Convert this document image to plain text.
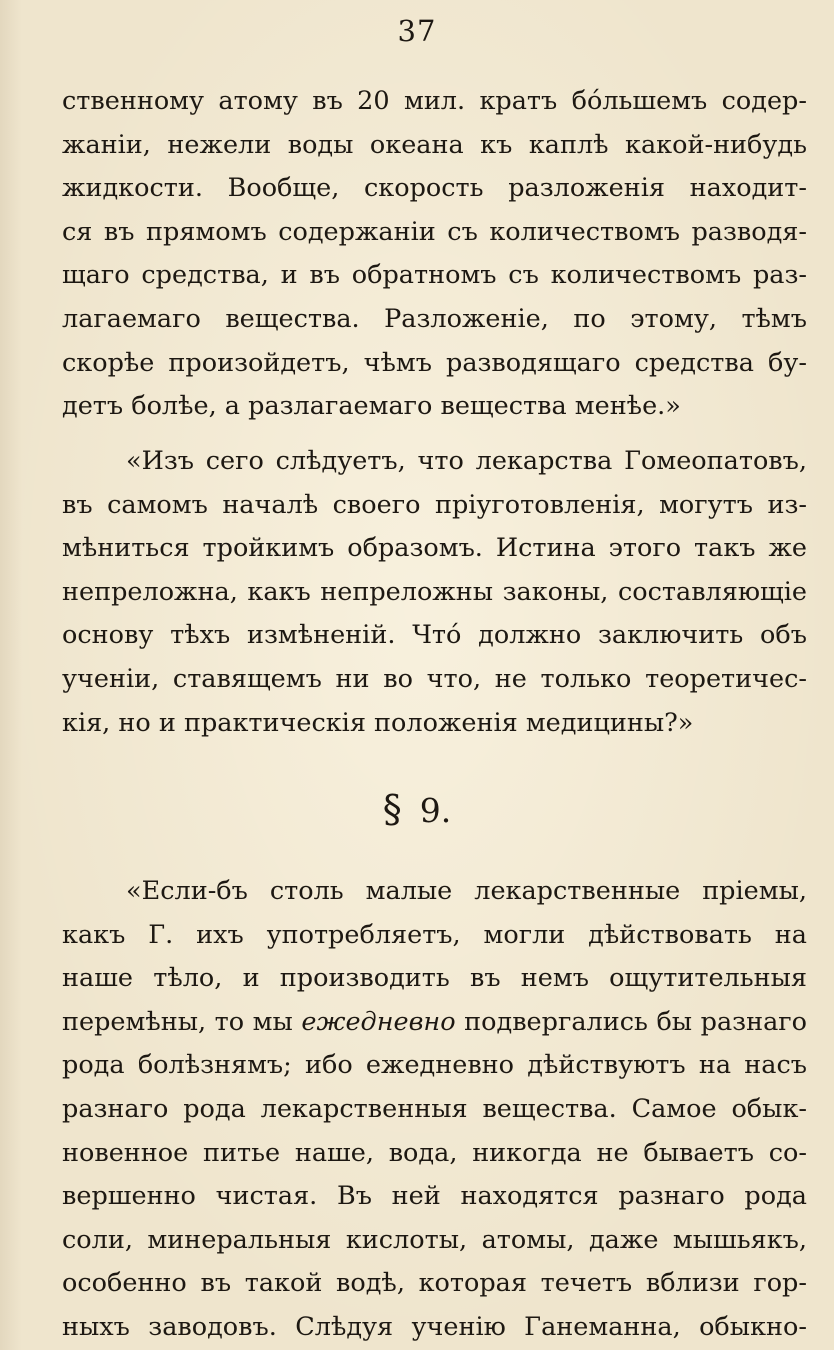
37
ственному атому въ 20 мил. кратъ бóльшемъ содер-
жаніи, нежели воды океана къ каплѣ какой-нибудь
жидкости. Вообще, скорость разложенія находит-
ся въ прямомъ содержаніи съ количествомъ разводя-
щаго средства, и въ обратномъ съ количествомъ раз-
лагаемаго вещества. Разложеніе, по этому, тѣмъ
скорѣе произойдетъ, чѣмъ разводящаго средства бу-
детъ болѣе, а разлагаемаго вещества менѣе.»
«Изъ сего слѣдуетъ, что лекарства Гомеопатовъ,
въ самомъ началѣ своего пріуготовленія, могутъ из-
мѣниться тройкимъ образомъ. Истина этого такъ же
непреложна, какъ непреложны законы, составляющіе
основу тѣхъ измѣненій. Чтó должно заключить объ
ученіи, ставящемъ ни во что, не только теоретичес-
кія, но и практическія положенія медицины?»
§ 9.
«Если-бъ столь малые лекарственные пріемы,
какъ Г. ихъ употребляетъ, могли дѣйствовать на
наше тѣло, и производить въ немъ ощутительныя
перемѣны, то мы ежедневно подвергались бы разнаго
рода болѣзнямъ; ибо ежедневно дѣйствуютъ на насъ
разнаго рода лекарственныя вещества. Самое обык-
новенное питье наше, вода, никогда не бываетъ со-
вершенно чистая. Въ ней находятся разнаго рода
соли, минеральныя кислоты, атомы, даже мышьякъ,
особенно въ такой водѣ, которая течетъ вблизи гор-
ныхъ заводовъ. Слѣдуя ученію Ганеманна, обыкно-
